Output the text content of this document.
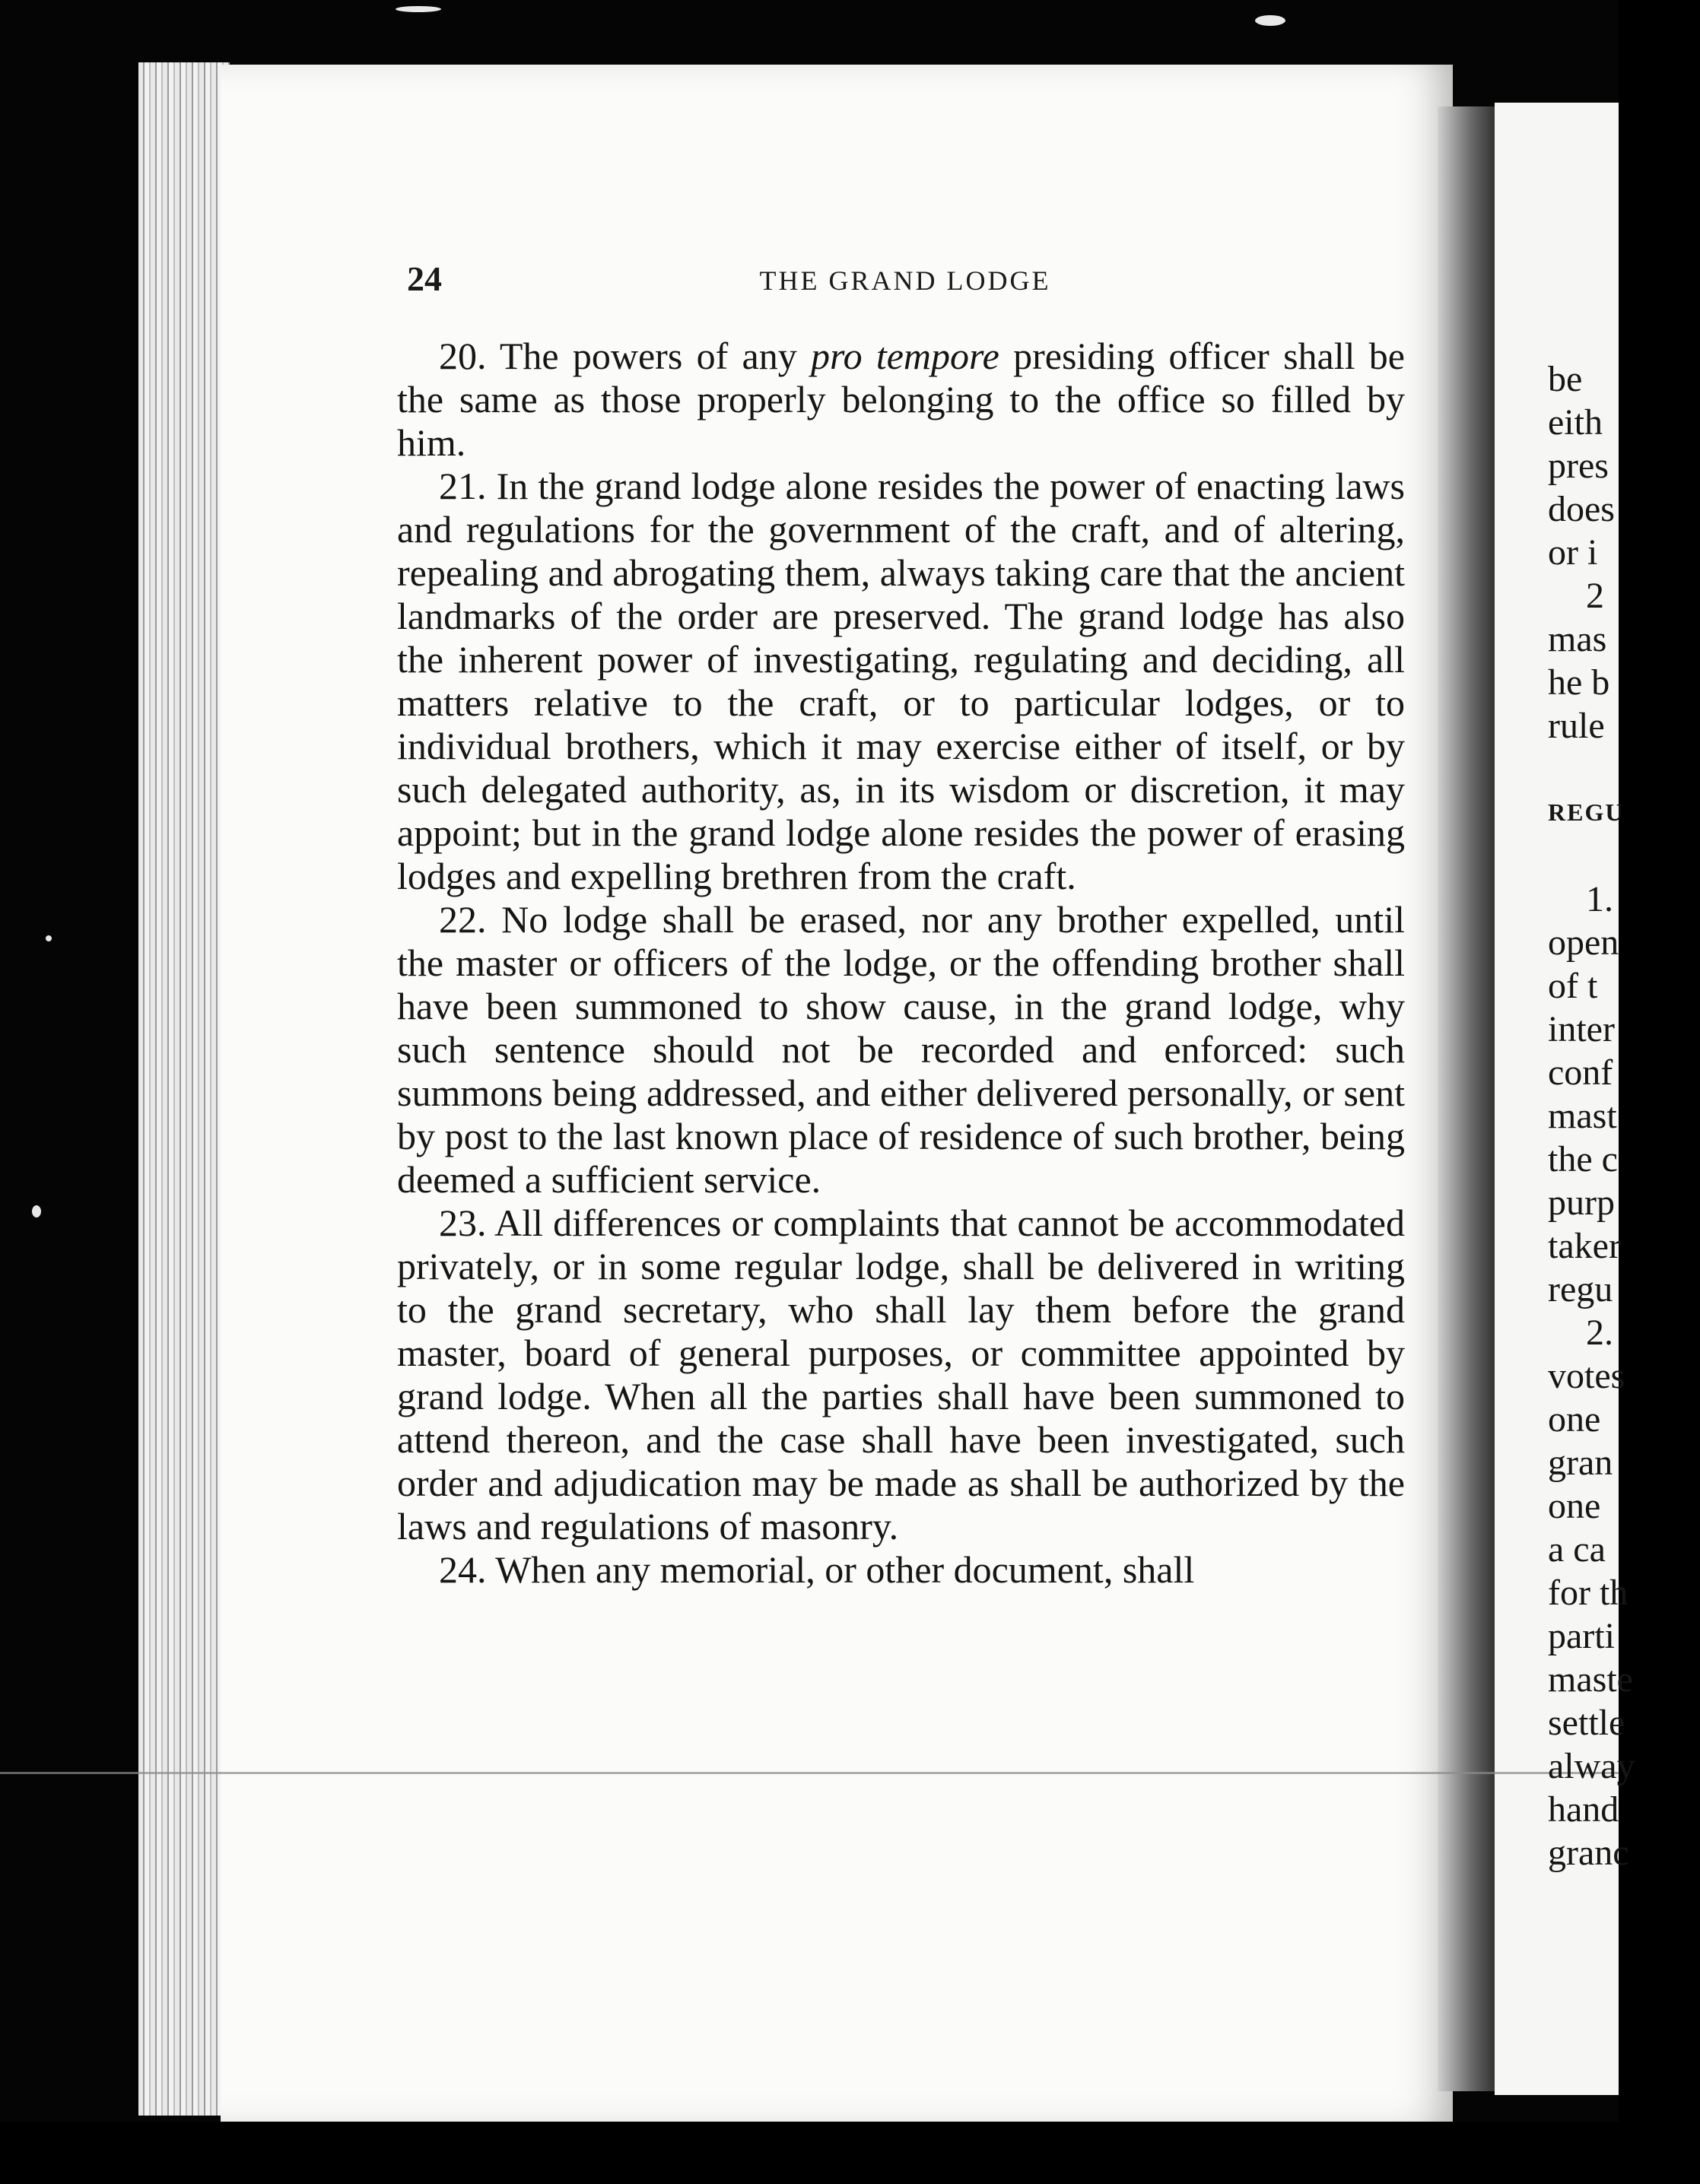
24	THE GRAND LODGE

20. The powers of any pro tempore presiding officer shall be the same as those properly belonging to the office so filled by him.

21. In the grand lodge alone resides the power of enacting laws and regulations for the government of the craft, and of altering, repealing and abrogating them, always taking care that the ancient landmarks of the order are preserved. The grand lodge has also the inherent power of investigating, regulating and deciding, all matters relative to the craft, or to particular lodges, or to individual brothers, which it may exercise either of itself, or by such delegated authority, as, in its wisdom or discretion, it may appoint; but in the grand lodge alone resides the power of erasing lodges and expelling brethren from the craft.

22. No lodge shall be erased, nor any brother expelled, until the master or officers of the lodge, or the offending brother shall have been summoned to show cause, in the grand lodge, why such sentence should not be recorded and enforced: such summons being addressed, and either delivered personally, or sent by post to the last known place of residence of such brother, being deemed a sufficient service.

23. All differences or complaints that cannot be accommodated privately, or in some regular lodge, shall be delivered in writing to the grand secretary, who shall lay them before the grand master, board of general purposes, or committee appointed by grand lodge. When all the parties shall have been summoned to attend thereon, and the case shall have been investigated, such order and adjudication may be made as shall be authorized by the laws and regulations of masonry.

24. When any memorial, or other document, shall

be
eith
pres
does
or i
2
mas
he b
rule
REGU
1.
open
of t
inter
conf
mast
the c
purp
taker
regu
2.
votes
one
gran
one
a ca
for th
parti
maste
settle
alway
hand
granc
